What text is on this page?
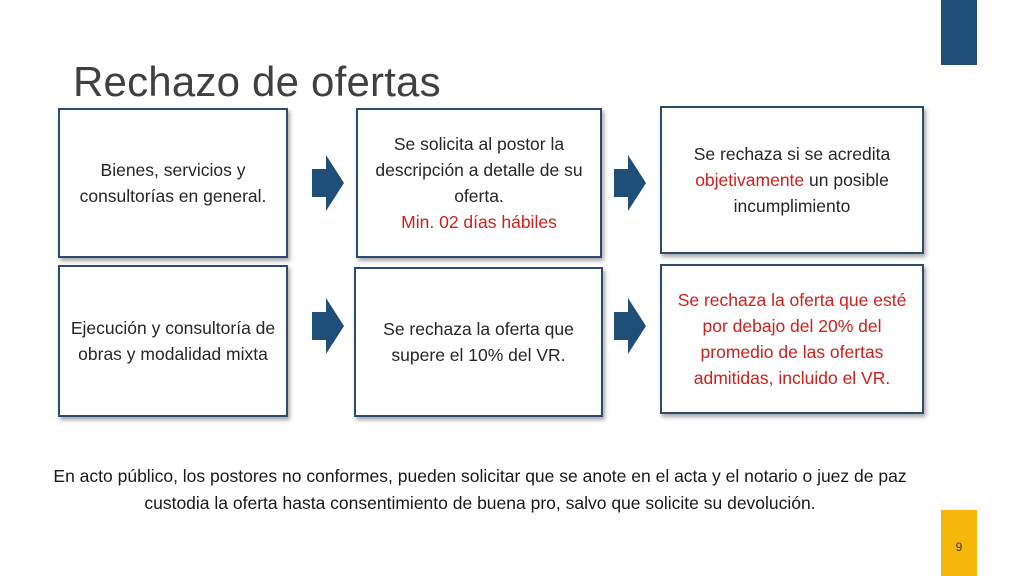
9
Rechazo de ofertas
Bienes, servicios y consultorías en general.
Se solicita al postor la descripción a detalle de su oferta.
Min. 02 días hábiles
Se rechaza si se acredita objetivamente un posible incumplimiento
Ejecución y consultoría de obras y modalidad mixta
Se rechaza la oferta que supere el 10% del VR.
Se rechaza la oferta que esté por debajo del 20% del promedio de las ofertas admitidas, incluido el VR.
En acto público, los postores no conformes, pueden solicitar que se anote en el acta y el notario o juez de paz custodia la oferta hasta consentimiento de buena pro, salvo que solicite su devolución.
